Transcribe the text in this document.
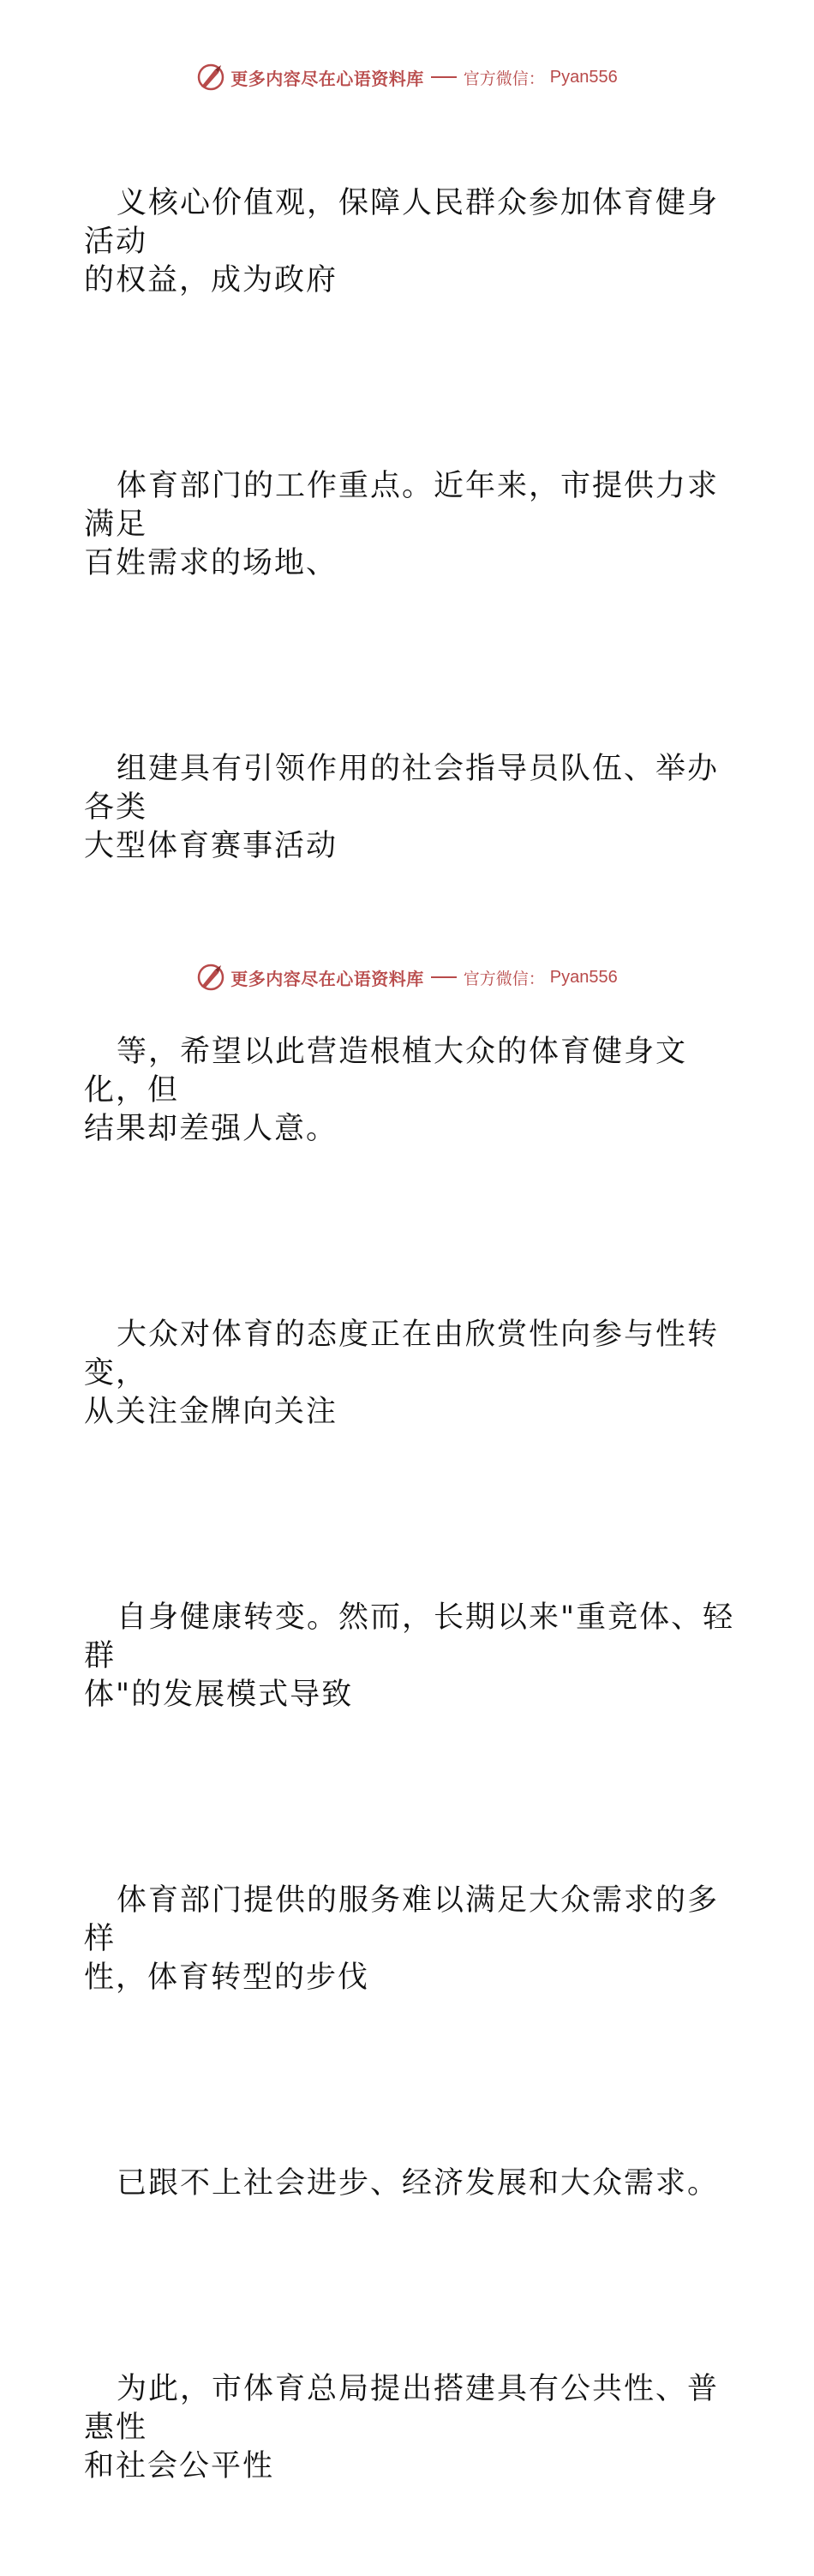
更多内容尽在心语资料库 官方微信： Pyan556

义核心价值观，保障人民群众参加体育健身活动
的权益，成为政府

体育部门的工作重点。近年来，市提供力求满足
百姓需求的场地、

组建具有引领作用的社会指导员队伍、举办各类
大型体育赛事活动

等，希望以此营造根植大众的体育健身文化，但
结果却差强人意。

大众对体育的态度正在由欣赏性向参与性转变，
从关注金牌向关注

自身健康转变。然而，长期以来"重竞体、轻群
体"的发展模式导致

体育部门提供的服务难以满足大众需求的多样
性，体育转型的步伐

已跟不上社会进步、经济发展和大众需求。

为此，市体育总局提出搭建具有公共性、普惠性
和社会公平性

更多内容尽在心语资料库 官方微信： Pyan556
